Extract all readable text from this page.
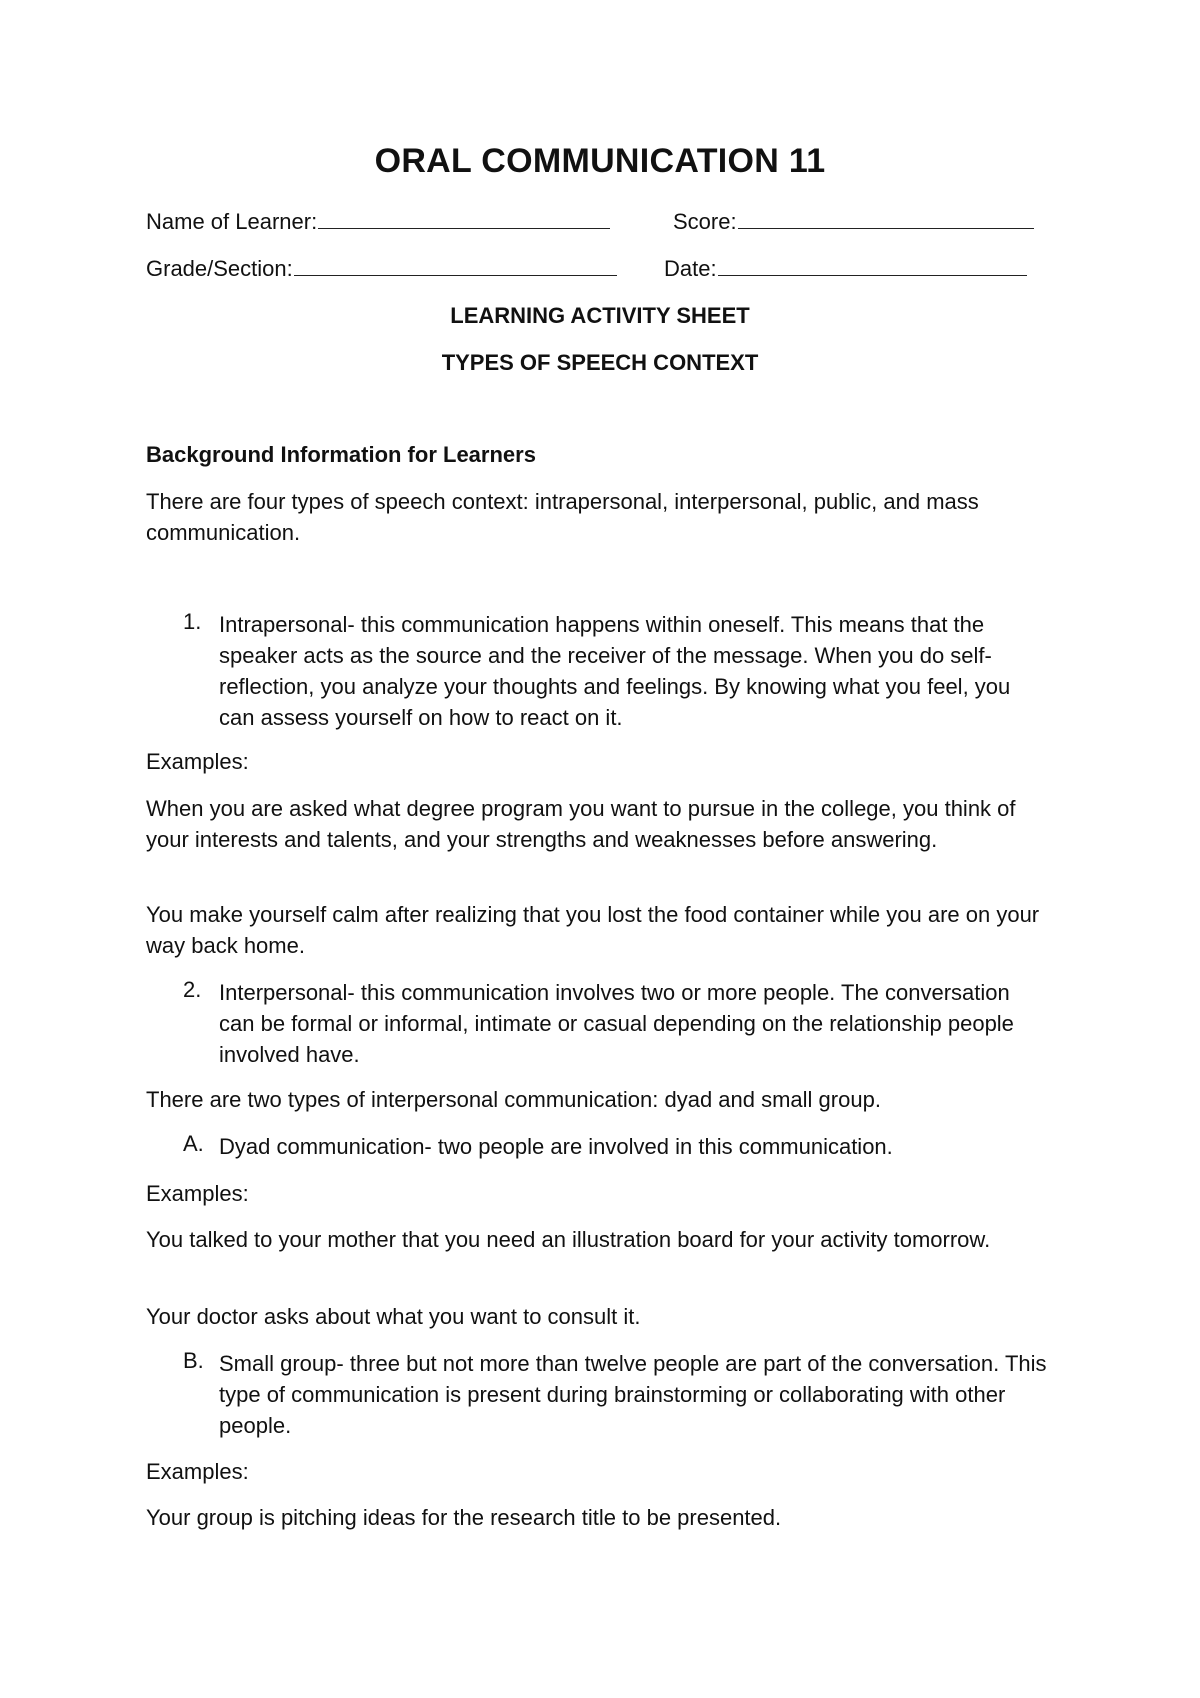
ORAL COMMUNICATION 11
Name of Learner:	Score:
Grade/Section:	Date:
LEARNING ACTIVITY SHEET
TYPES OF SPEECH CONTEXT
Background Information for Learners
There are four types of speech context: intrapersonal, interpersonal, public, and mass communication.
1. Intrapersonal- this communication happens within oneself. This means that the speaker acts as the source and the receiver of the message. When you do self- reflection, you analyze your thoughts and feelings. By knowing what you feel, you can assess yourself on how to react on it.
Examples:
When you are asked what degree program you want to pursue in the college, you think of your interests and talents, and your strengths and weaknesses before answering.
You make yourself calm after realizing that you lost the food container while you are on your way back home.
2. Interpersonal- this communication involves two or more people. The conversation can be formal or informal, intimate or casual depending on the relationship people involved have.
There are two types of interpersonal communication: dyad and small group.
A. Dyad communication- two people are involved in this communication.
Examples:
You talked to your mother that you need an illustration board for your activity tomorrow.
Your doctor asks about what you want to consult it.
B. Small group- three but not more than twelve people are part of the conversation. This type of communication is present during brainstorming or collaborating with other people.
Examples:
Your group is pitching ideas for the research title to be presented.
